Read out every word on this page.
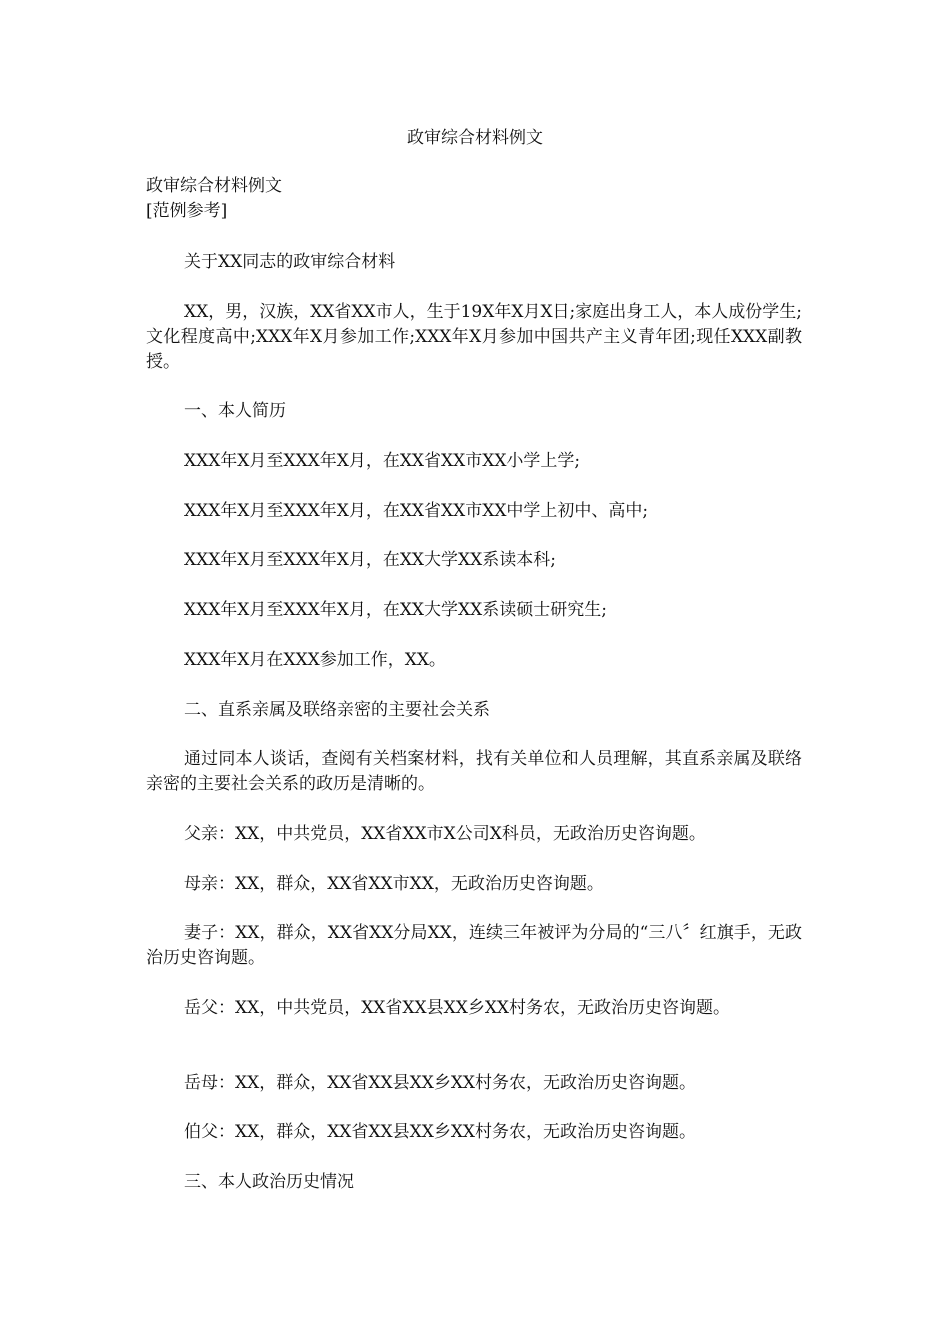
政审综合材料例文

政审综合材料例文

[范例参考]

关于XX同志的政审综合材料

XX，男，汉族，XX省XX市人，生于19X年X月X日;家庭出身工人，本人成份学生;文化程度高中;XXX年X月参加工作;XXX年X月参加中国共产主义青年团;现任XXX副教授。

一、本人简历

XXX年X月至XXX年X月，在XX省XX市XX小学上学;

XXX年X月至XXX年X月，在XX省XX市XX中学上初中、高中;

XXX年X月至XXX年X月，在XX大学XX系读本科;

XXX年X月至XXX年X月，在XX大学XX系读硕士研究生;

XXX年X月在XXX参加工作，XX。

二、直系亲属及联络亲密的主要社会关系

通过同本人谈话，查阅有关档案材料，找有关单位和人员理解，其直系亲属及联络亲密的主要社会关系的政历是清晰的。

父亲：XX，中共党员，XX省XX市X公司X科员，无政治历史咨询题。

母亲：XX，群众，XX省XX市XX，无政治历史咨询题。

妻子：XX，群众，XX省XX分局XX，连续三年被评为分局的“三八〞红旗手，无政治历史咨询题。

岳父：XX，中共党员，XX省XX县XX乡XX村务农，无政治历史咨询题。

岳母：XX，群众，XX省XX县XX乡XX村务农，无政治历史咨询题。

伯父：XX，群众，XX省XX县XX乡XX村务农，无政治历史咨询题。

三、本人政治历史情况
